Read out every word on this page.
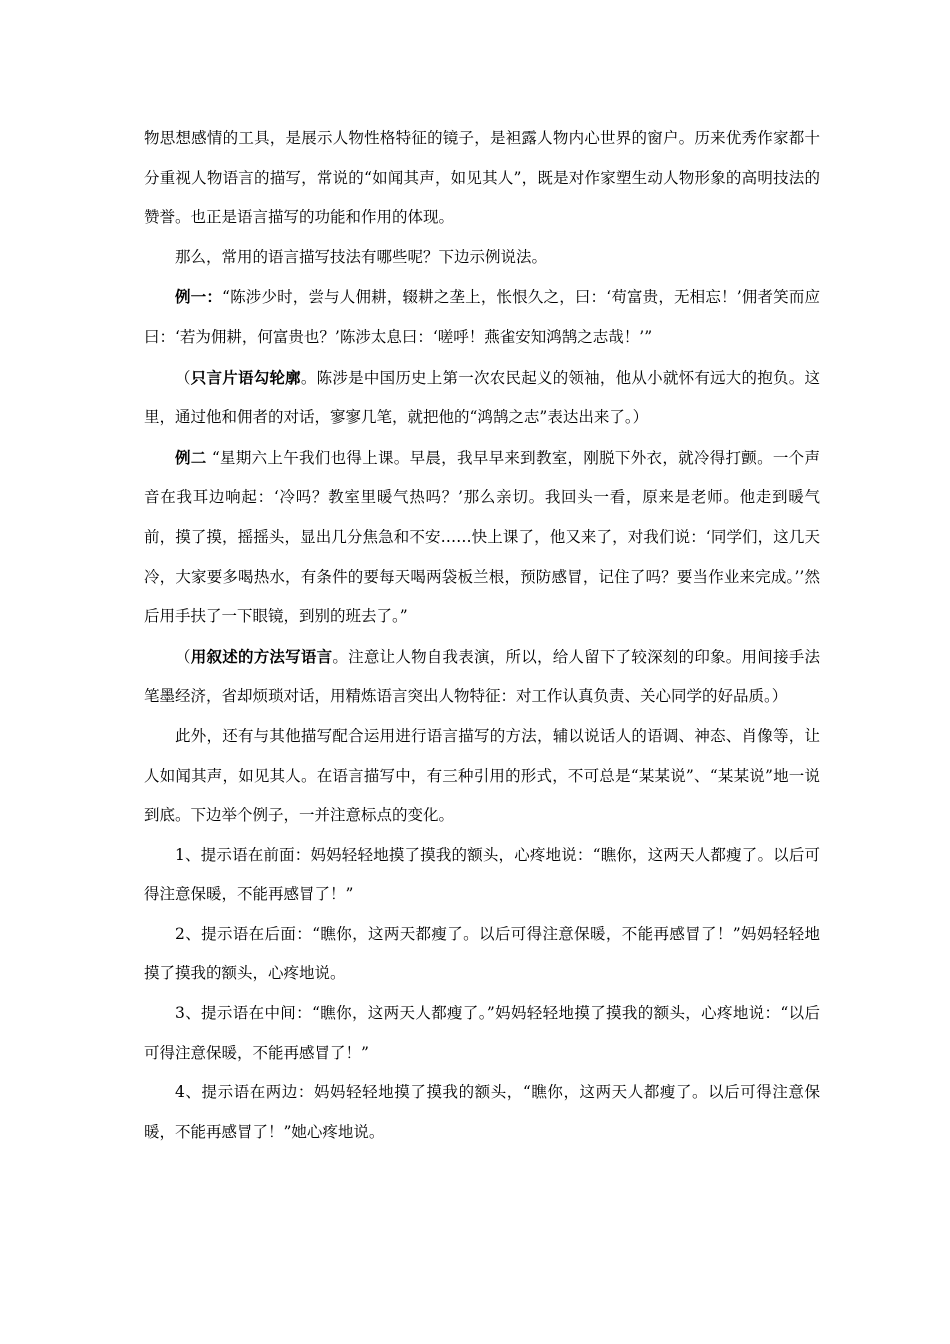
物思想感情的工具，是展示人物性格特征的镜子，是袒露人物内心世界的窗户。历来优秀作家都十分重视人物语言的描写，常说的“如闻其声，如见其人”，既是对作家塑生动人物形象的高明技法的赞誉。也正是语言描写的功能和作用的体现。

那么，常用的语言描写技法有哪些呢？下边示例说法。

例一：“陈涉少时，尝与人佣耕，辍耕之垄上，怅恨久之，曰：‘苟富贵，无相忘！’佣者笑而应曰：‘若为佣耕，何富贵也？’陈涉太息曰：‘嗟呼！燕雀安知鸿鹄之志哉！’”

（只言片语勾轮廓。陈涉是中国历史上第一次农民起义的领袖，他从小就怀有远大的抱负。这里，通过他和佣者的对话，寥寥几笔，就把他的“鸿鹄之志”表达出来了。）

例二 “星期六上午我们也得上课。早晨，我早早来到教室，刚脱下外衣，就冷得打颤。一个声音在我耳边响起：‘冷吗？教室里暖气热吗？’那么亲切。我回头一看，原来是老师。他走到暖气前，摸了摸，摇摇头，显出几分焦急和不安……快上课了，他又来了，对我们说：‘同学们，这几天冷，大家要多喝热水，有条件的要每天喝两袋板兰根，预防感冒，记住了吗？要当作业来完成。’’然后用手扶了一下眼镜，到别的班去了。”

（用叙述的方法写语言。注意让人物自我表演，所以，给人留下了较深刻的印象。用间接手法笔墨经济，省却烦琐对话，用精炼语言突出人物特征：对工作认真负责、关心同学的好品质。）

此外，还有与其他描写配合运用进行语言描写的方法，辅以说话人的语调、神态、肖像等，让人如闻其声，如见其人。在语言描写中，有三种引用的形式，不可总是“某某说”、“某某说”地一说到底。下边举个例子，一并注意标点的变化。

1、提示语在前面：妈妈轻轻地摸了摸我的额头，心疼地说：“瞧你，这两天人都瘦了。以后可得注意保暖，不能再感冒了！”

2、提示语在后面：“瞧你，这两天都瘦了。以后可得注意保暖，不能再感冒了！”妈妈轻轻地摸了摸我的额头，心疼地说。

3、提示语在中间：“瞧你，这两天人都瘦了。”妈妈轻轻地摸了摸我的额头，心疼地说：“以后可得注意保暖，不能再感冒了！”

4、提示语在两边：妈妈轻轻地摸了摸我的额头，“瞧你，这两天人都瘦了。以后可得注意保暖，不能再感冒了！”她心疼地说。
